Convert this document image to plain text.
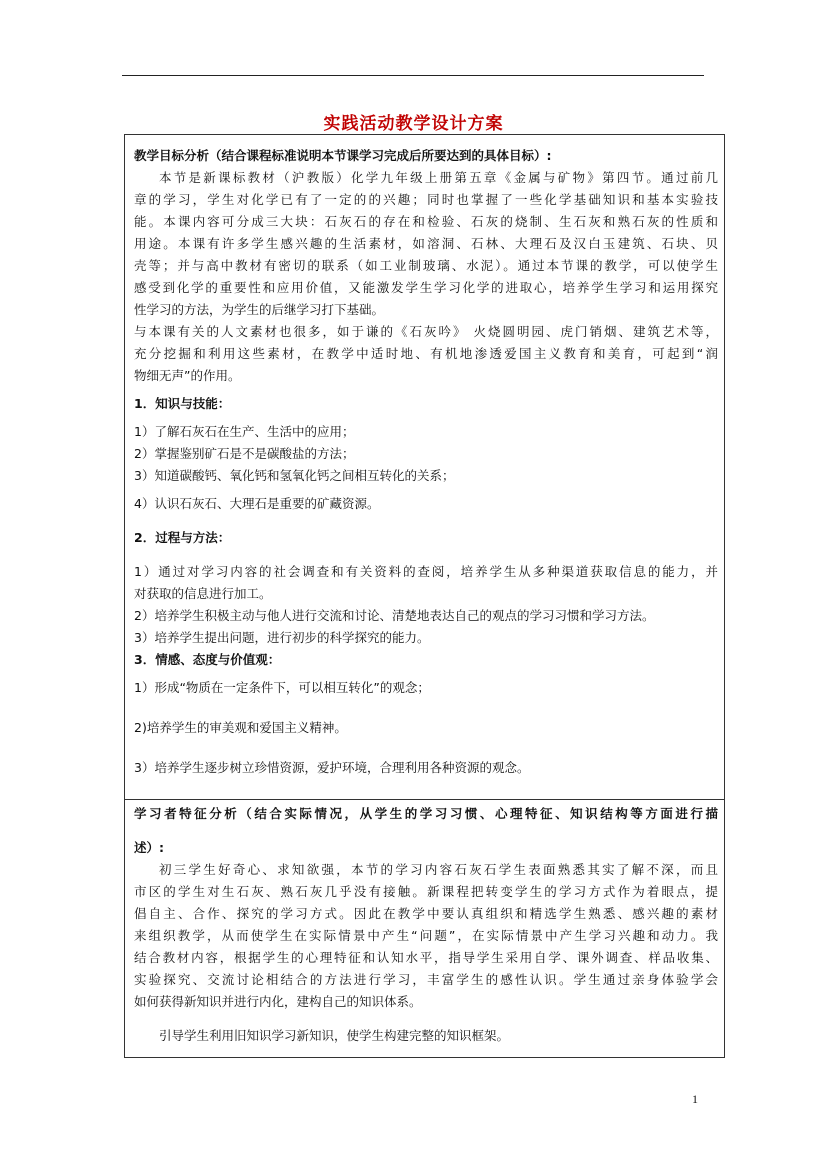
实践活动教学设计方案
教学目标分析（结合课程标准说明本节课学习完成后所要达到的具体目标）:
本节是新课标教材（沪教版）化学九年级上册第五章《金属与矿物》第四节。通过前几
章的学习，学生对化学已有了一定的的兴趣；同时也掌握了一些化学基础知识和基本实验技
能。本课内容可分成三大块：石灰石的存在和检验、石灰的烧制、生石灰和熟石灰的性质和
用途。本课有许多学生感兴趣的生活素材，如溶洞、石林、大理石及汉白玉建筑、石块、贝
壳等；并与高中教材有密切的联系（如工业制玻璃、水泥）。通过本节课的教学，可以使学生
感受到化学的重要性和应用价值，又能激发学生学习化学的进取心，培养学生学习和运用探究
性学习的方法，为学生的后继学习打下基础。
与本课有关的人文素材也很多，如于谦的《石灰吟》 火烧圆明园、虎门销烟、建筑艺术等，
充分挖掘和利用这些素材，在教学中适时地、有机地渗透爱国主义教育和美育，可起到“润
物细无声”的作用。
1．知识与技能：
1）了解石灰石在生产、生活中的应用；
2）掌握鉴别矿石是不是碳酸盐的方法；
3）知道碳酸钙、氧化钙和氢氧化钙之间相互转化的关系；
4）认识石灰石、大理石是重要的矿藏资源。
2．过程与方法：
1）通过对学习内容的社会调查和有关资料的查阅，培养学生从多种渠道获取信息的能力，并
对获取的信息进行加工。
2）培养学生积极主动与他人进行交流和讨论、清楚地表达自己的观点的学习习惯和学习方法。
3）培养学生提出问题，进行初步的科学探究的能力。
3．情感、态度与价值观：
1）形成“物质在一定条件下，可以相互转化”的观念；
2)培养学生的审美观和爱国主义精神。
3）培养学生逐步树立珍惜资源，爱护环境，合理利用各种资源的观念。
学习者特征分析（结合实际情况，从学生的学习习惯、心理特征、知识结构等方面进行描
述）:
初三学生好奇心、求知欲强，本节的学习内容石灰石学生表面熟悉其实了解不深，而且
市区的学生对生石灰、熟石灰几乎没有接触。新课程把转变学生的学习方式作为着眼点，提
倡自主、合作、探究的学习方式。因此在教学中要认真组织和精选学生熟悉、感兴趣的素材
来组织教学，从而使学生在实际情景中产生“问题”，在实际情景中产生学习兴趣和动力。我
结合教材内容，根据学生的心理特征和认知水平，指导学生采用自学、课外调查、样品收集、
实验探究、交流讨论相结合的方法进行学习，丰富学生的感性认识。学生通过亲身体验学会
如何获得新知识并进行内化，建构自己的知识体系。
引导学生利用旧知识学习新知识，使学生构建完整的知识框架。
1
